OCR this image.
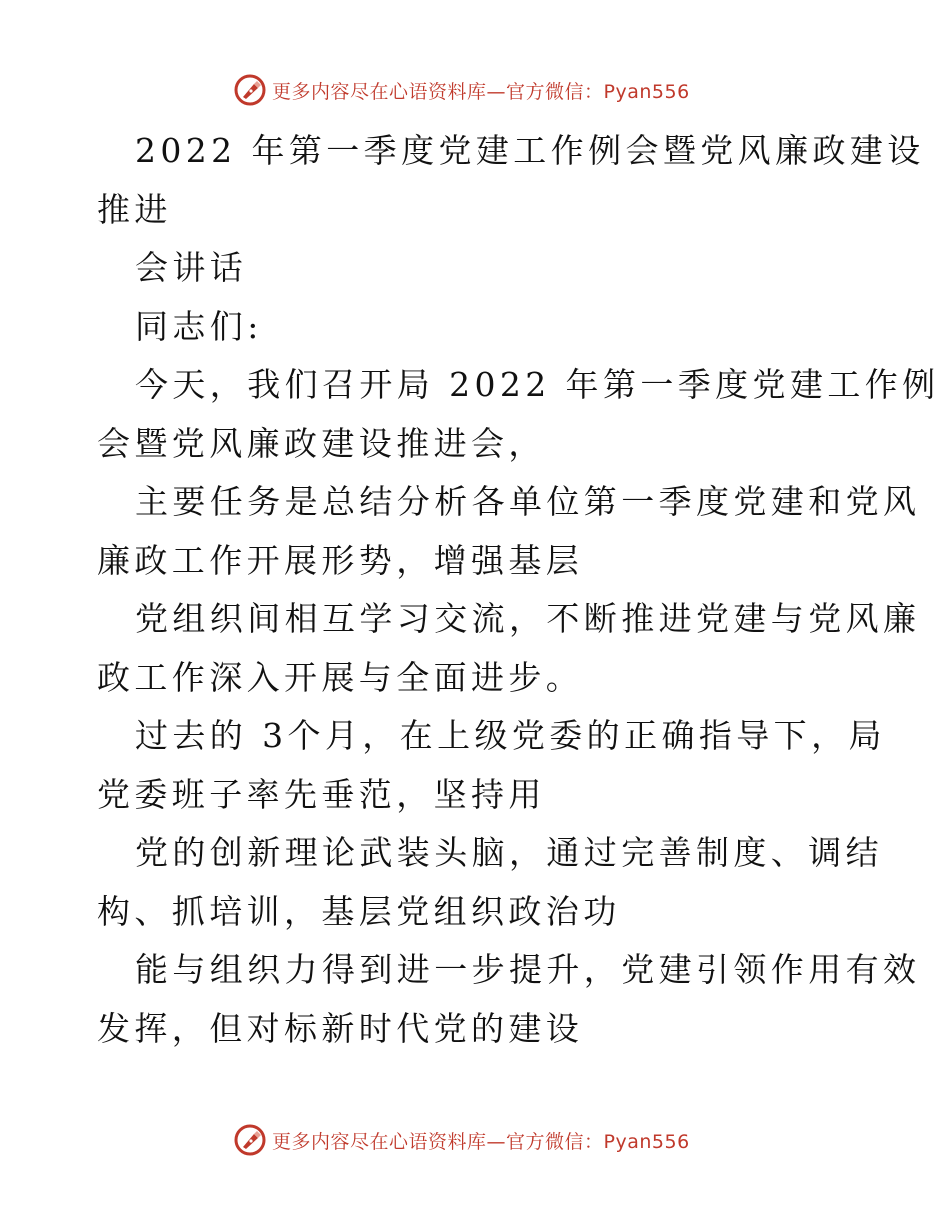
更多内容尽在心语资料库—官方微信：Pyan556
2022 年第一季度党建工作例会暨党风廉政建设
推进
会讲话
同志们:
今天，我们召开局 2022 年第一季度党建工作例
会暨党风廉政建设推进会，
主要任务是总结分析各单位第一季度党建和党风
廉政工作开展形势，增强基层
党组织间相互学习交流，不断推进党建与党风廉
政工作深入开展与全面进步。
过去的 3个月，在上级党委的正确指导下，局
党委班子率先垂范，坚持用
党的创新理论武装头脑，通过完善制度、调结
构、抓培训，基层党组织政治功
能与组织力得到进一步提升，党建引领作用有效
发挥，但对标新时代党的建设
更多内容尽在心语资料库—官方微信：Pyan556
